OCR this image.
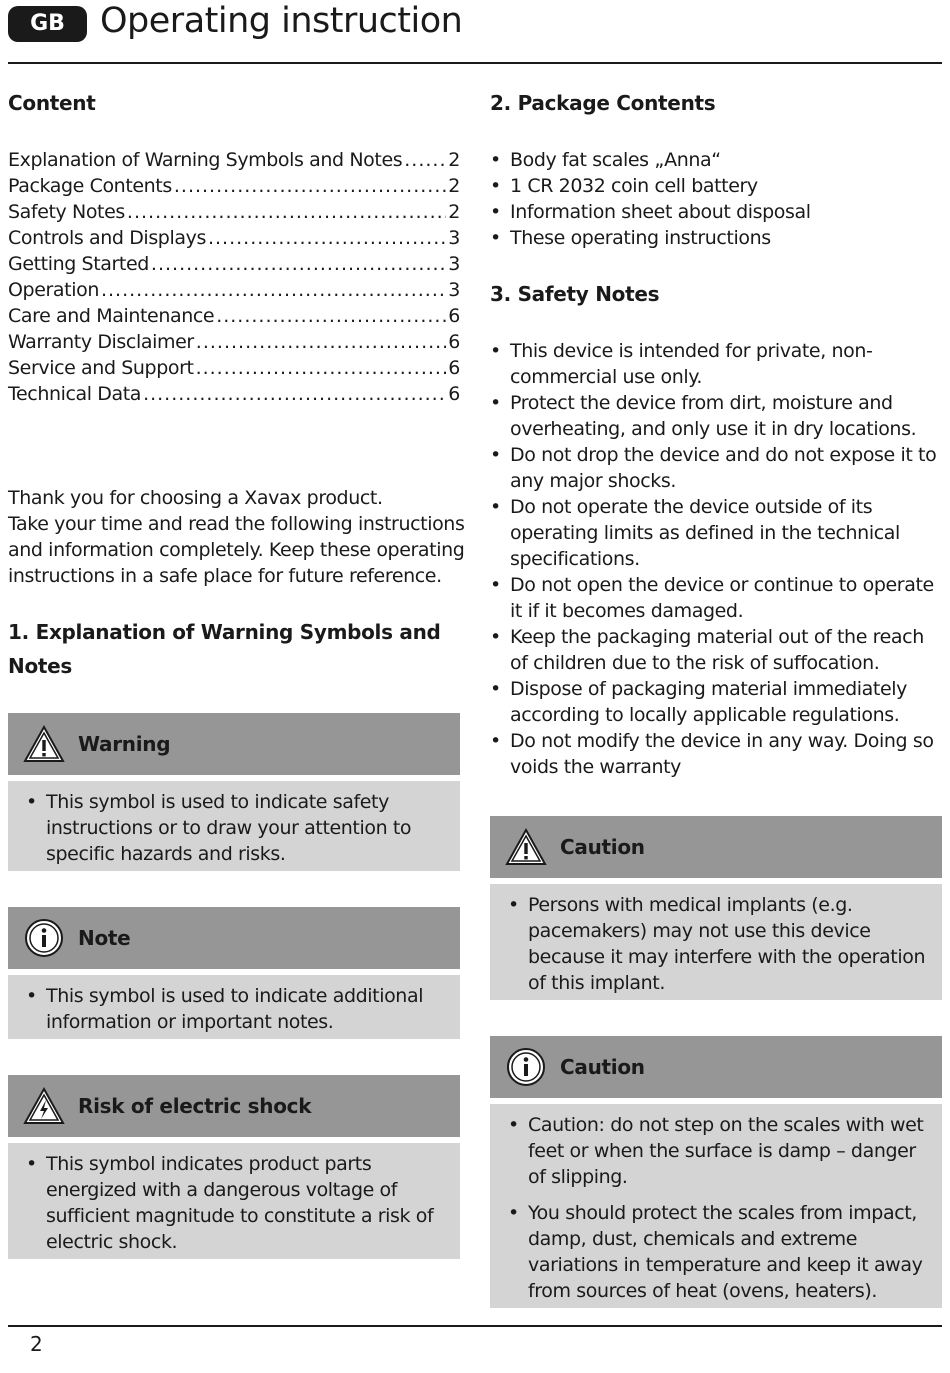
GB	Operating instruction
Content
Explanation of Warning Symbols and Notes ..... 2
Package Contents .....	2
Safety Notes .....	2
Controls and Displays .....	3
Getting Started .....	3
Operation .....	3
Care and Maintenance .....	6
Warranty Disclaimer .....	6
Service and Support .....	6
Technical Data .....	6
Thank you for choosing a Xavax product.
Take your time and read the following instructions
and information completely. Keep these operating
instructions in a safe place for future reference.
1. Explanation of Warning Symbols and Notes
Warning
• This symbol is used to indicate safety instructions or to draw your attention to specific hazards and risks.
Note
• This symbol is used to indicate additional information or important notes.
Risk of electric shock
• This symbol indicates product parts energized with a dangerous voltage of sufficient magnitude to constitute a risk of electric shock.
2. Package Contents
• Body fat scales „Anna“
• 1 CR 2032 coin cell battery
• Information sheet about disposal
• These operating instructions
3. Safety Notes
• This device is intended for private, non-commercial use only.
• Protect the device from dirt, moisture and overheating, and only use it in dry locations.
• Do not drop the device and do not expose it to any major shocks.
• Do not operate the device outside of its operating limits as defined in the technical specifications.
• Do not open the device or continue to operate it if it becomes damaged.
• Keep the packaging material out of the reach of children due to the risk of suffocation.
• Dispose of packaging material immediately according to locally applicable regulations.
• Do not modify the device in any way. Doing so voids the warranty
Caution
• Persons with medical implants (e.g. pacemakers) may not use this device because it may interfere with the operation of this implant.
Caution
• Caution: do not step on the scales with wet feet or when the surface is damp – danger of slipping.
• You should protect the scales from impact, damp, dust, chemicals and extreme variations in temperature and keep it away from sources of heat (ovens, heaters).
2
